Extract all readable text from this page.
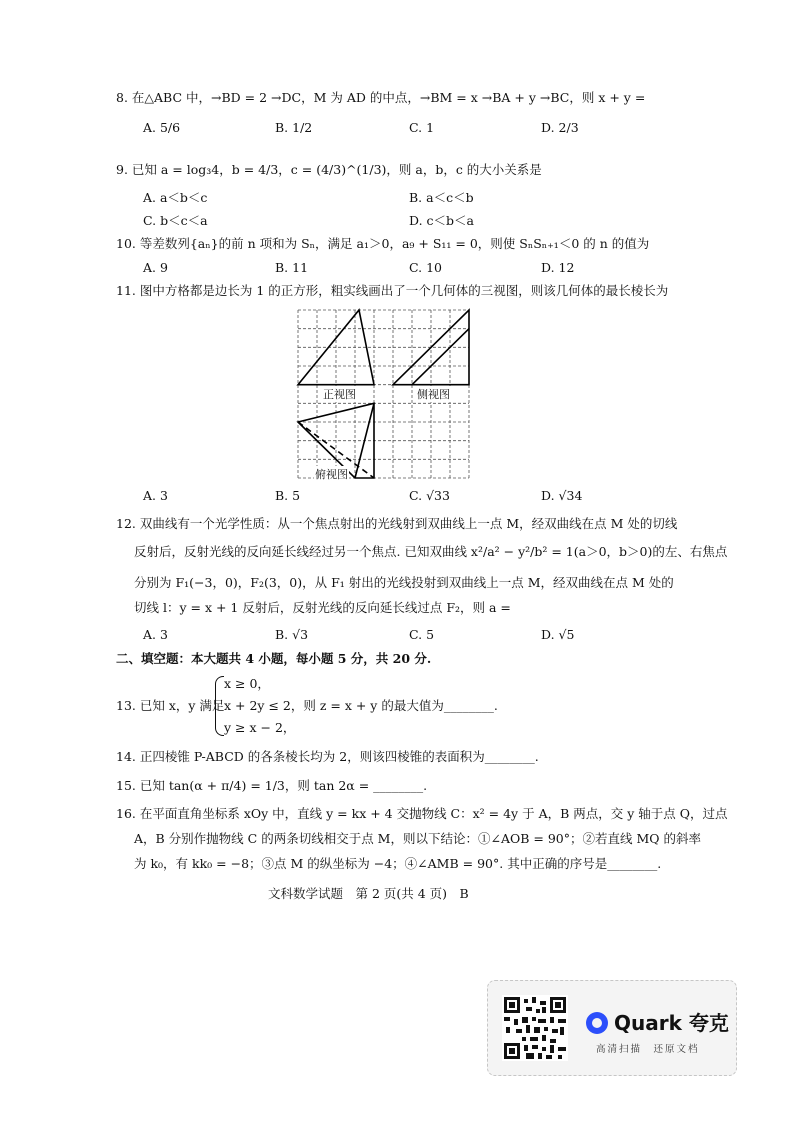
8. 在△ABC 中，→BD = 2 →DC，M 为 AD 的中点，→BM = x →BA + y →BC，则 x + y =
A. 5/6	B. 1/2	C. 1	D. 2/3
9. 已知 a = log₃4，b = 4/3，c = (4/3)^(1/3)，则 a，b，c 的大小关系是
A. a＜b＜c	B. a＜c＜b
C. b＜c＜a	D. c＜b＜a
10. 等差数列{aₙ}的前 n 项和为 Sₙ，满足 a₁＞0，a₉ + S₁₁ = 0，则使 SₙSₙ₊₁＜0 的 n 的值为
A. 9	B. 11	C. 10	D. 12
11. 图中方格都是边长为 1 的正方形，粗实线画出了一个几何体的三视图，则该几何体的最长棱长为
正视图	侧视图
俯视图
A. 3	B. 5	C. √33	D. √34
12. 双曲线有一个光学性质：从一个焦点射出的光线射到双曲线上一点 M，经双曲线在点 M 处的切线
反射后，反射光线的反向延长线经过另一个焦点. 已知双曲线 x²/a² − y²/b² = 1(a＞0，b＞0)的左、右焦点
分别为 F₁(−3，0)，F₂(3，0)，从 F₁ 射出的光线投射到双曲线上一点 M，经双曲线在点 M 处的
切线 l：y = x + 1 反射后，反射光线的反向延长线过点 F₂，则 a =
A. 3	B. √3	C. 5	D. √5
二、填空题：本大题共 4 小题，每小题 5 分，共 20 分.
13. 已知 x，y 满足
x ≥ 0，
x + 2y ≤ 2，则 z = x + y 的最大值为________.
y ≥ x − 2，
14. 正四棱锥 P-ABCD 的各条棱长均为 2，则该四棱锥的表面积为________.
15. 已知 tan(α + π/4) = 1/3，则 tan 2α = ________.
16. 在平面直角坐标系 xOy 中，直线 y = kx + 4 交抛物线 C：x² = 4y 于 A，B 两点，交 y 轴于点 Q，过点
A，B 分别作抛物线 C 的两条切线相交于点 M，则以下结论：①∠AOB = 90°；②若直线 MQ 的斜率
为 k₀，有 kk₀ = −8；③点 M 的纵坐标为 −4；④∠AMB = 90°. 其中正确的序号是________.
文科数学试题　第 2 页(共 4 页)　B
Quark 夸克
高清扫描　还原文档
